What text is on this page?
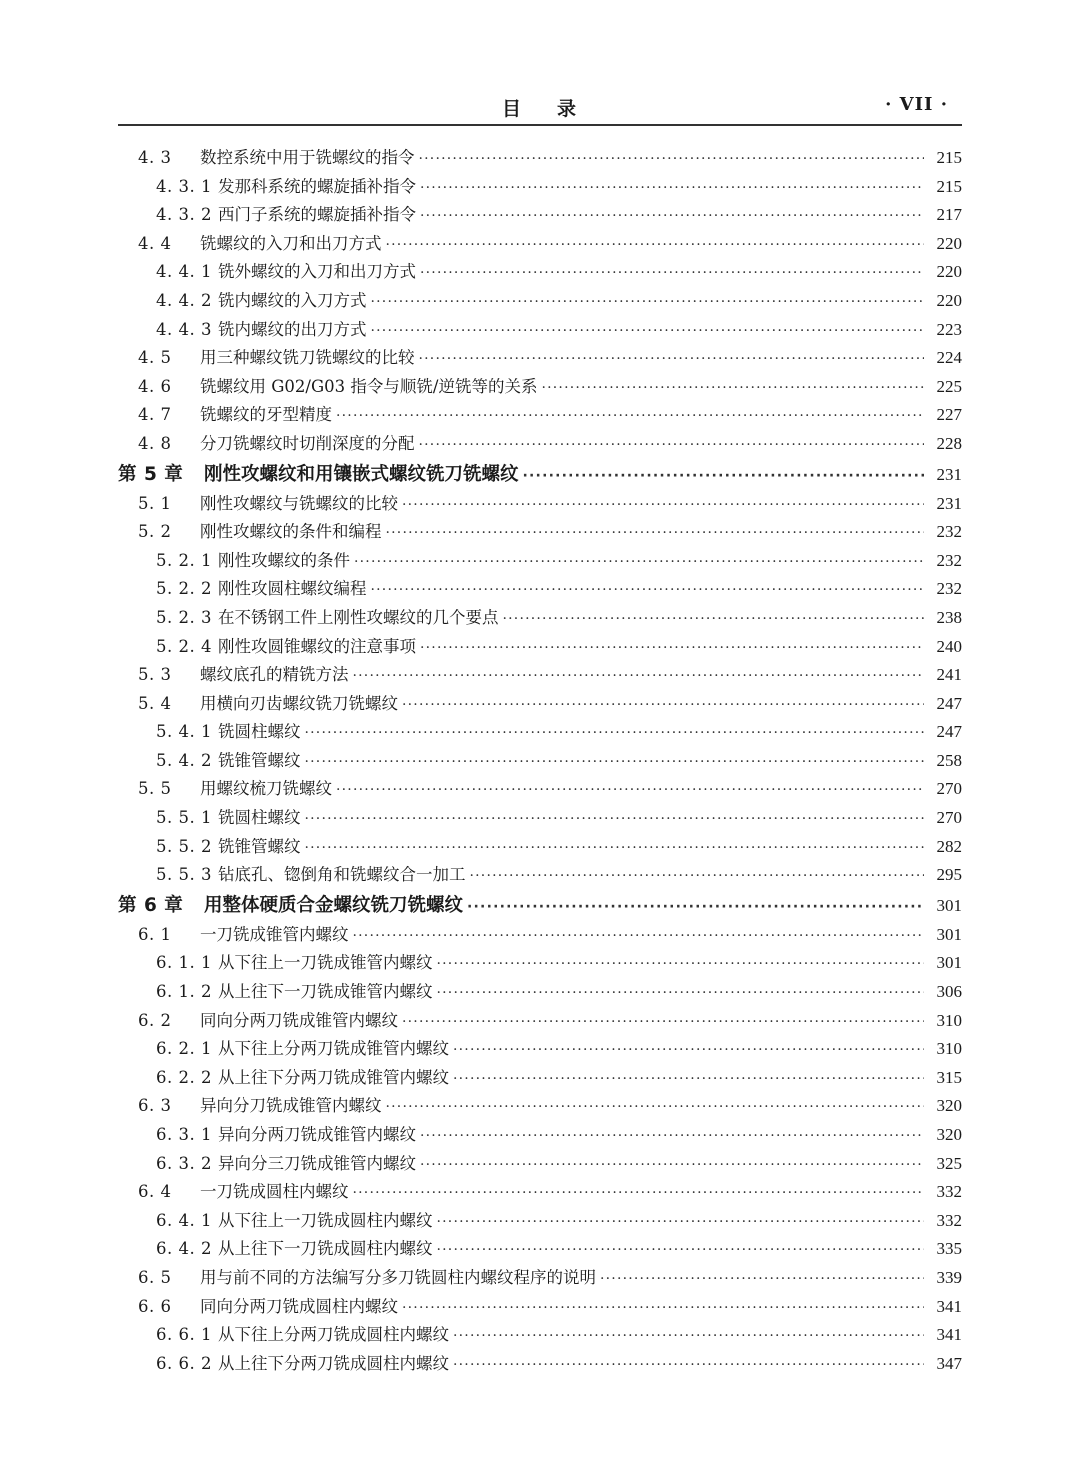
目 录	· VII ·
4. 3	数控系统中用于铣螺纹的指令 ·····	215
4. 3. 1 发那科系统的螺旋插补指令 ·····	215
4. 3. 2 西门子系统的螺旋插补指令 ·····	217
4. 4	铣螺纹的入刀和出刀方式 ·····	220
4. 4. 1 铣外螺纹的入刀和出刀方式 ·····	220
4. 4. 2 铣内螺纹的入刀方式 ·····	220
4. 4. 3 铣内螺纹的出刀方式 ·····	223
4. 5	用三种螺纹铣刀铣螺纹的比较 ·····	224
4. 6	铣螺纹用 G02/G03 指令与顺铣/逆铣等的关系 ·····	225
4. 7	铣螺纹的牙型精度 ·····	227
4. 8	分刀铣螺纹时切削深度的分配 ·····	228
第 5 章	刚性攻螺纹和用镶嵌式螺纹铣刀铣螺纹 ·····	231
5. 1	刚性攻螺纹与铣螺纹的比较 ·····	231
5. 2	刚性攻螺纹的条件和编程 ·····	232
5. 2. 1 刚性攻螺纹的条件 ·····	232
5. 2. 2 刚性攻圆柱螺纹编程 ·····	232
5. 2. 3 在不锈钢工件上刚性攻螺纹的几个要点 ·····	238
5. 2. 4 刚性攻圆锥螺纹的注意事项 ·····	240
5. 3	螺纹底孔的精铣方法 ·····	241
5. 4	用横向刃齿螺纹铣刀铣螺纹 ·····	247
5. 4. 1 铣圆柱螺纹 ·····	247
5. 4. 2 铣锥管螺纹 ·····	258
5. 5	用螺纹梳刀铣螺纹 ·····	270
5. 5. 1 铣圆柱螺纹 ·····	270
5. 5. 2 铣锥管螺纹 ·····	282
5. 5. 3 钻底孔、锪倒角和铣螺纹合一加工 ·····	295
第 6 章	用整体硬质合金螺纹铣刀铣螺纹 ·····	301
6. 1	一刀铣成锥管内螺纹 ·····	301
6. 1. 1 从下往上一刀铣成锥管内螺纹 ·····	301
6. 1. 2 从上往下一刀铣成锥管内螺纹 ·····	306
6. 2	同向分两刀铣成锥管内螺纹 ·····	310
6. 2. 1 从下往上分两刀铣成锥管内螺纹 ·····	310
6. 2. 2 从上往下分两刀铣成锥管内螺纹 ·····	315
6. 3	异向分刀铣成锥管内螺纹 ·····	320
6. 3. 1 异向分两刀铣成锥管内螺纹 ·····	320
6. 3. 2 异向分三刀铣成锥管内螺纹 ·····	325
6. 4	一刀铣成圆柱内螺纹 ·····	332
6. 4. 1 从下往上一刀铣成圆柱内螺纹 ·····	332
6. 4. 2 从上往下一刀铣成圆柱内螺纹 ·····	335
6. 5	用与前不同的方法编写分多刀铣圆柱内螺纹程序的说明 ·····	339
6. 6	同向分两刀铣成圆柱内螺纹 ·····	341
6. 6. 1 从下往上分两刀铣成圆柱内螺纹 ·····	341
6. 6. 2 从上往下分两刀铣成圆柱内螺纹 ·····	347
